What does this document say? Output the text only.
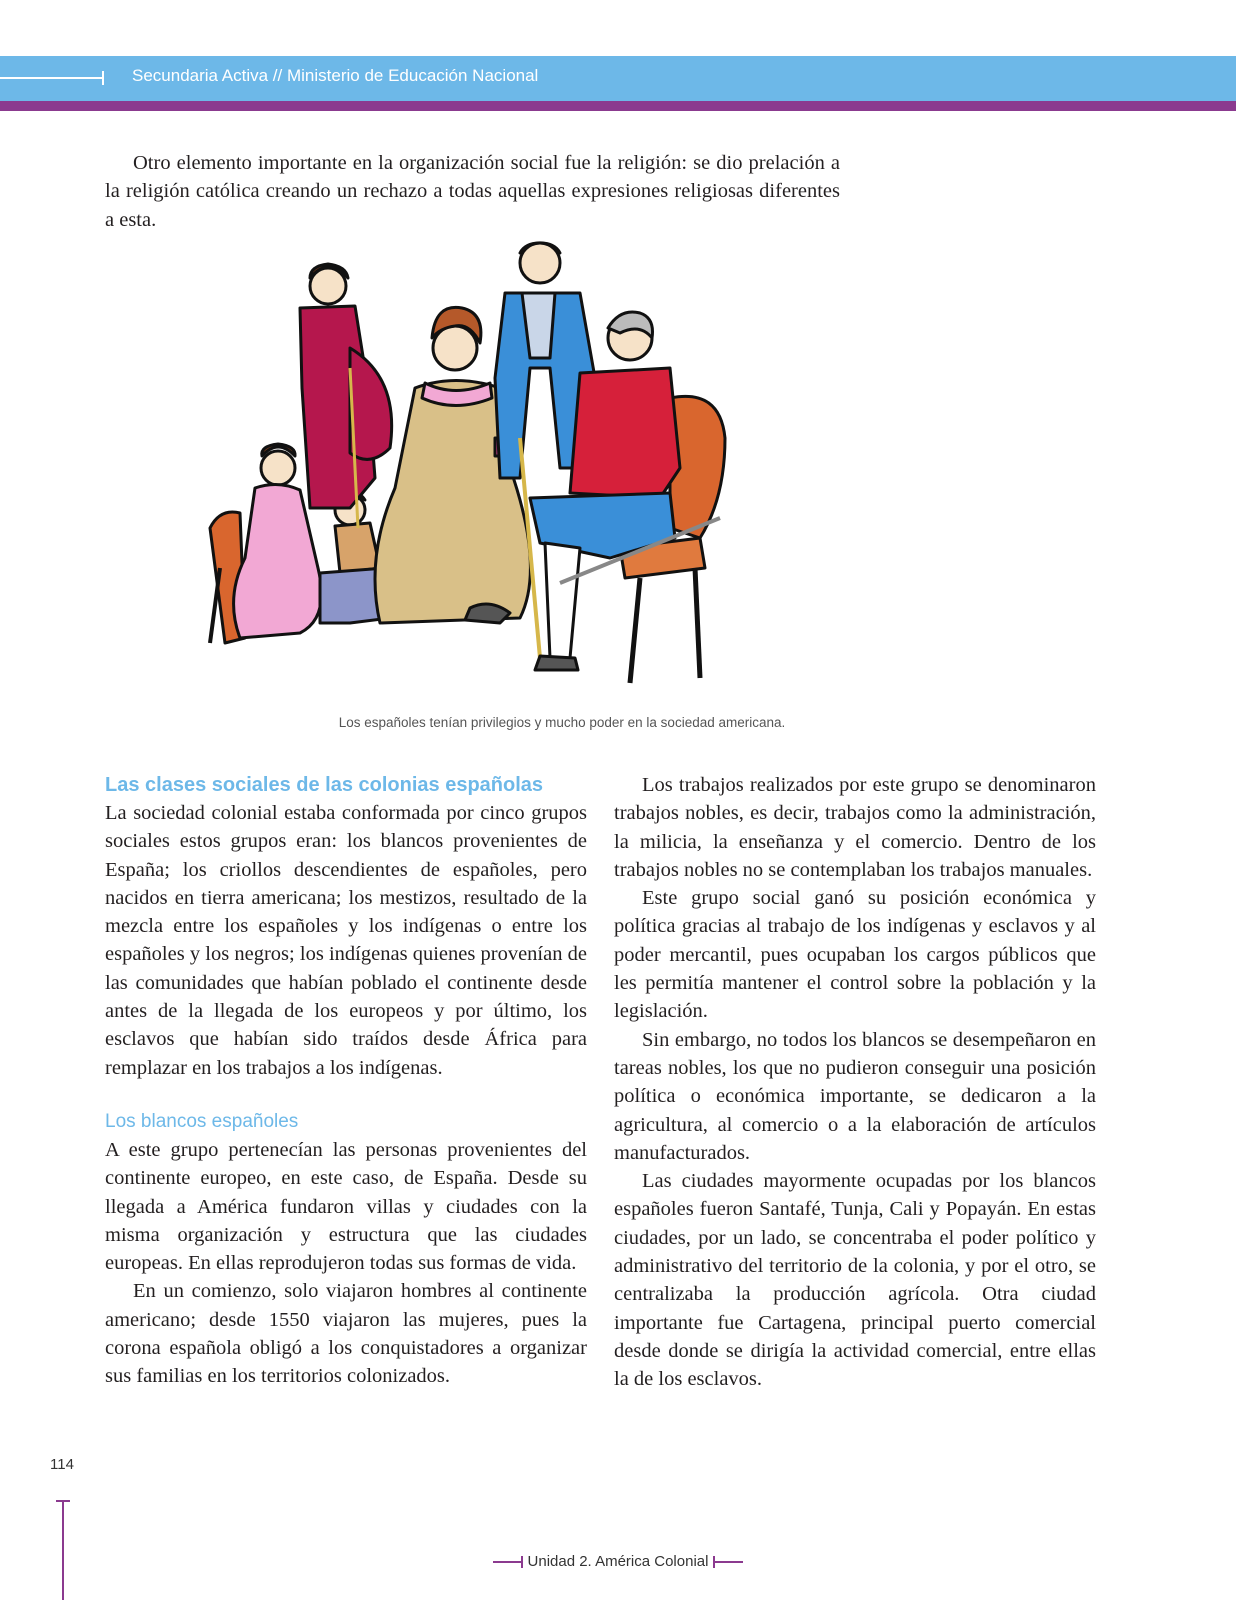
Secundaria Activa // Ministerio de Educación Nacional

Otro elemento importante en la organización social fue la religión: se dio prelación a la religión católica creando un rechazo a todas aquellas expresiones religiosas diferentes a esta.

Los españoles tenían privilegios y mucho poder en la sociedad americana.
Las clases sociales de las colonias españolas

La sociedad colonial estaba conformada por cinco grupos sociales estos grupos eran: los blancos provenientes de España; los criollos descendientes de españoles, pero nacidos en tierra americana; los mestizos, resultado de la mezcla entre los españoles y los indígenas o entre los españoles y los negros; los indígenas quienes provenían de las comunidades que habían poblado el continente desde antes de la llegada de los europeos y por último, los esclavos que habían sido traídos desde África para remplazar en los trabajos a los indígenas.

Los blancos españoles

A este grupo pertenecían las personas provenientes del continente europeo, en este caso, de España. Desde su llegada a América fundaron villas y ciudades con la misma organización y estructura que las ciudades europeas. En ellas reprodujeron todas sus formas de vida.

En un comienzo, solo viajaron hombres al continente americano; desde 1550 viajaron las mujeres, pues la corona española obligó a los conquistadores a organizar sus familias en los territorios colonizados.

Los trabajos realizados por este grupo se denominaron trabajos nobles, es decir, trabajos como la administración, la milicia, la enseñanza y el comercio. Dentro de los trabajos nobles no se contemplaban los trabajos manuales.

Este grupo social ganó su posición económica y política gracias al trabajo de los indígenas y esclavos y al poder mercantil, pues ocupaban los cargos públicos que les permitía mantener el control sobre la población y la legislación.

Sin embargo, no todos los blancos se desempeñaron en tareas nobles, los que no pudieron conseguir una posición política o económica importante, se dedicaron a la agricultura, al comercio o a la elaboración de artículos manufacturados.

Las ciudades mayormente ocupadas por los blancos españoles fueron Santafé, Tunja, Cali y Popayán. En estas ciudades, por un lado, se concentraba el poder político y administrativo del territorio de la colonia, y por el otro, se centralizaba la producción agrícola. Otra ciudad importante fue Cartagena, principal puerto comercial desde donde se dirigía la actividad comercial, entre ellas la de los esclavos.

114
Unidad 2. América Colonial
